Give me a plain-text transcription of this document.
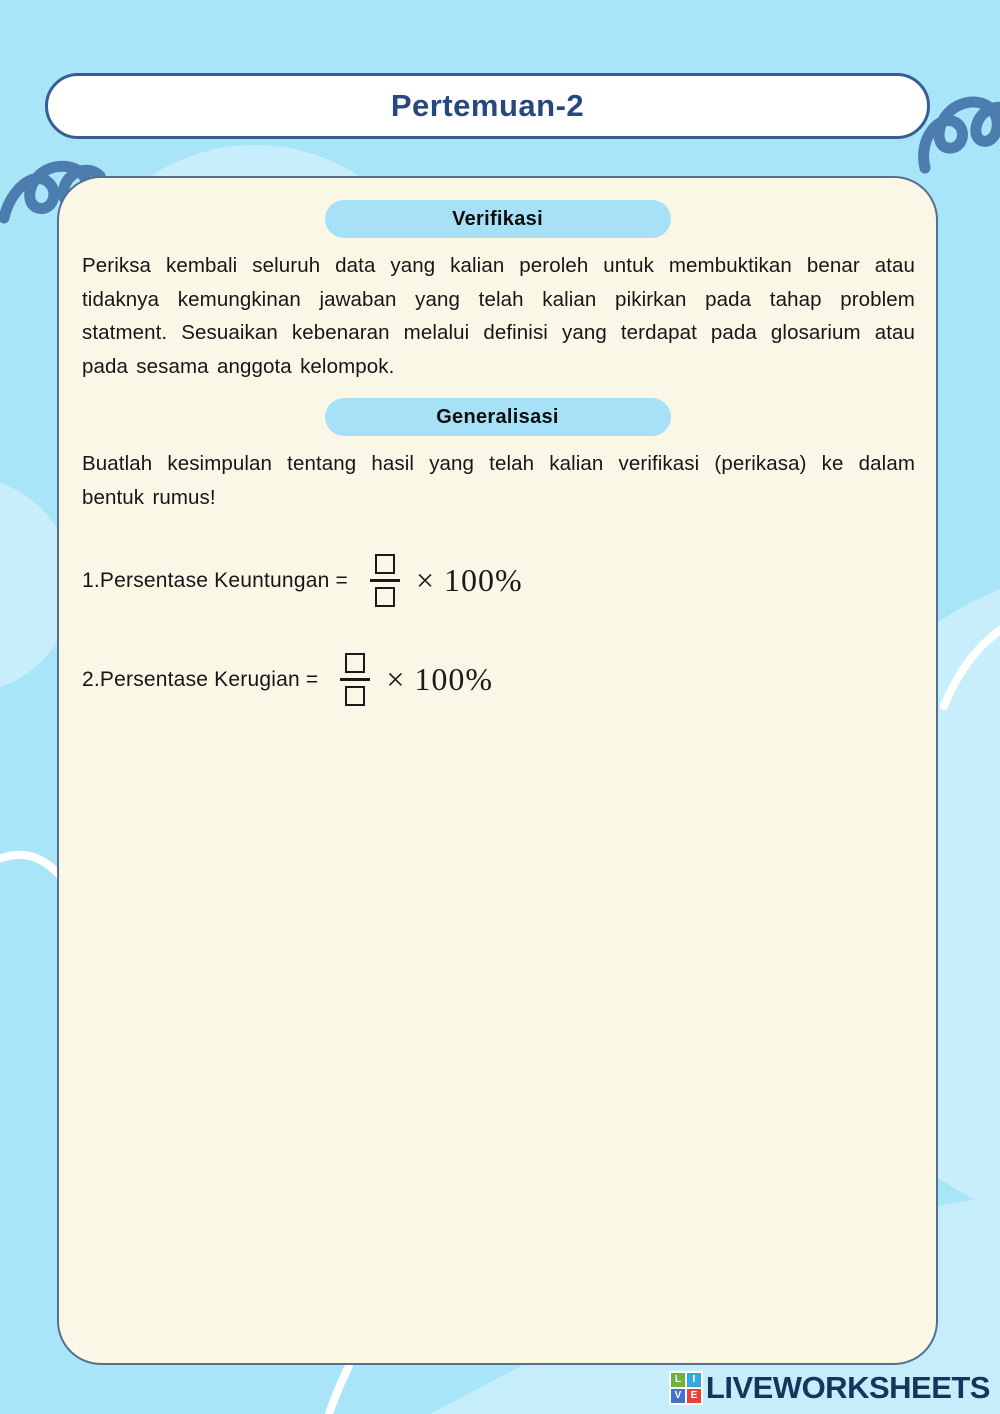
Pertemuan-2
Verifikasi

Periksa kembali seluruh data yang kalian peroleh untuk membuktikan benar atau tidaknya kemungkinan jawaban yang telah kalian pikirkan pada tahap problem statment. Sesuaikan kebenaran melalui definisi yang terdapat pada glosarium atau pada sesama anggota kelompok.

Generalisasi

Buatlah kesimpulan tentang hasil yang telah kalian verifikasi (perikasa) ke dalam bentuk rumus!

1.Persentase Keuntungan = × 100%
2.Persentase Kerugian = × 100%
L	I
V E LIVEWORKSHEETS
